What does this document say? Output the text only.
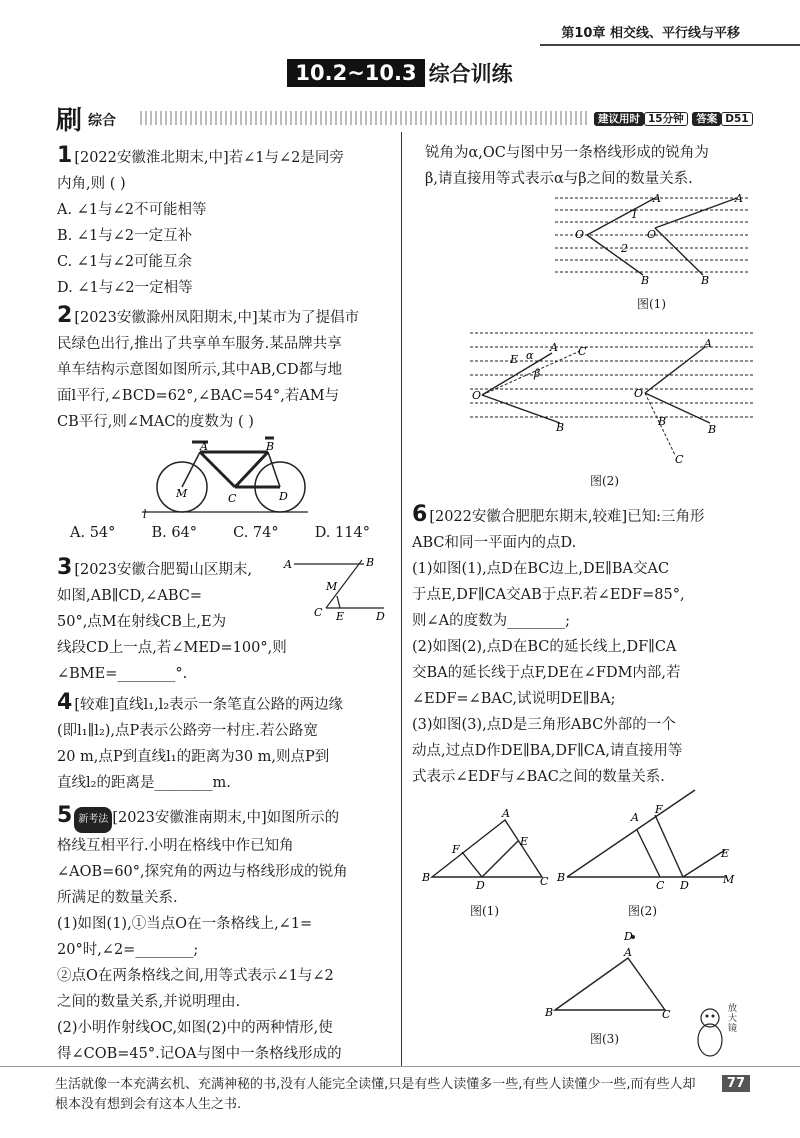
第10章 相交线、平行线与平移
10.2~10.3 综合训练
刷 综合	建议用时 15分钟 答案 D51
1 [2022安徽淮北期末,中]若∠1与∠2是同旁
内角,则 ( )
A. ∠1与∠2不可能相等
B. ∠1与∠2一定互补
C. ∠1与∠2可能互余
D. ∠1与∠2一定相等
2 [2023安徽滁州凤阳期末,中]某市为了提倡市
民绿色出行,推出了共享单车服务.某品牌共享
单车结构示意图如图所示,其中AB,CD都与地
面l平行,∠BCD=62°,∠BAC=54°,若AM与
CB平行,则∠MAC的度数为 ( )
l
A	B
C	D
M
A. 54° B. 64° C. 74° D. 114°
3 [2023安徽合肥蜀山区期末,
如图,AB∥CD,∠ABC=
50°,点M在射线CB上,E为
线段CD上一点,若∠MED=100°,则
∠BME=________°.
A	B
M
C E	D
4 [较难]直线l₁,l₂表示一条笔直公路的两边缘
(即l₁∥l₂),点P表示公路旁一村庄.若公路宽
20 m,点P到直线l₁的距离为30 m,则点P到
直线l₂的距离是________m.
5 新考法 [2023安徽淮南期末,中]如图所示的
格线互相平行.小明在格线中作已知角
∠AOB=60°,探究角的两边与格线形成的锐角
所满足的数量关系.
(1)如图(1),①当点O在一条格线上,∠1=
20°时,∠2=________;
②点O在两条格线之间,用等式表示∠1与∠2
之间的数量关系,并说明理由.
(2)小明作射线OC,如图(2)中的两种情形,使
得∠COB=45°.记OA与图中一条格线形成的
锐角为α,OC与图中另一条格线形成的锐角为
β,请直接用等式表示α与β之间的数量关系.
O
A
B
O
A
B
1
2
图(1)
O
A
B
C
E α
β
O
A
B
B
C
图(2)
6 [2022安徽合肥肥东期末,较难]已知:三角形
ABC和同一平面内的点D.
(1)如图(1),点D在BC边上,DE∥BA交AC
于点E,DF∥CA交AB于点F.若∠EDF=85°,
则∠A的度数为________;
(2)如图(2),点D在BC的延长线上,DF∥CA
交BA的延长线于点F,DE在∠FDM内部,若
∠EDF=∠BAC,试说明DE∥BA;
(3)如图(3),点D是三角形ABC外部的一个
动点,过点D作DE∥BA,DF∥CA,请直接用等
式表示∠EDF与∠BAC之间的数量关系.
B
A
C
D
E
F
图(1)
B
A
F
C D
E
M
图(2)
D
A
B	C
图(3)
放大镜
生活就像一本充满玄机、充满神秘的书,没有人能完全读懂,只是有些人读懂多一些,有些人读懂少一些,而有些人却根本没有想到会有这本人生之书.
77
